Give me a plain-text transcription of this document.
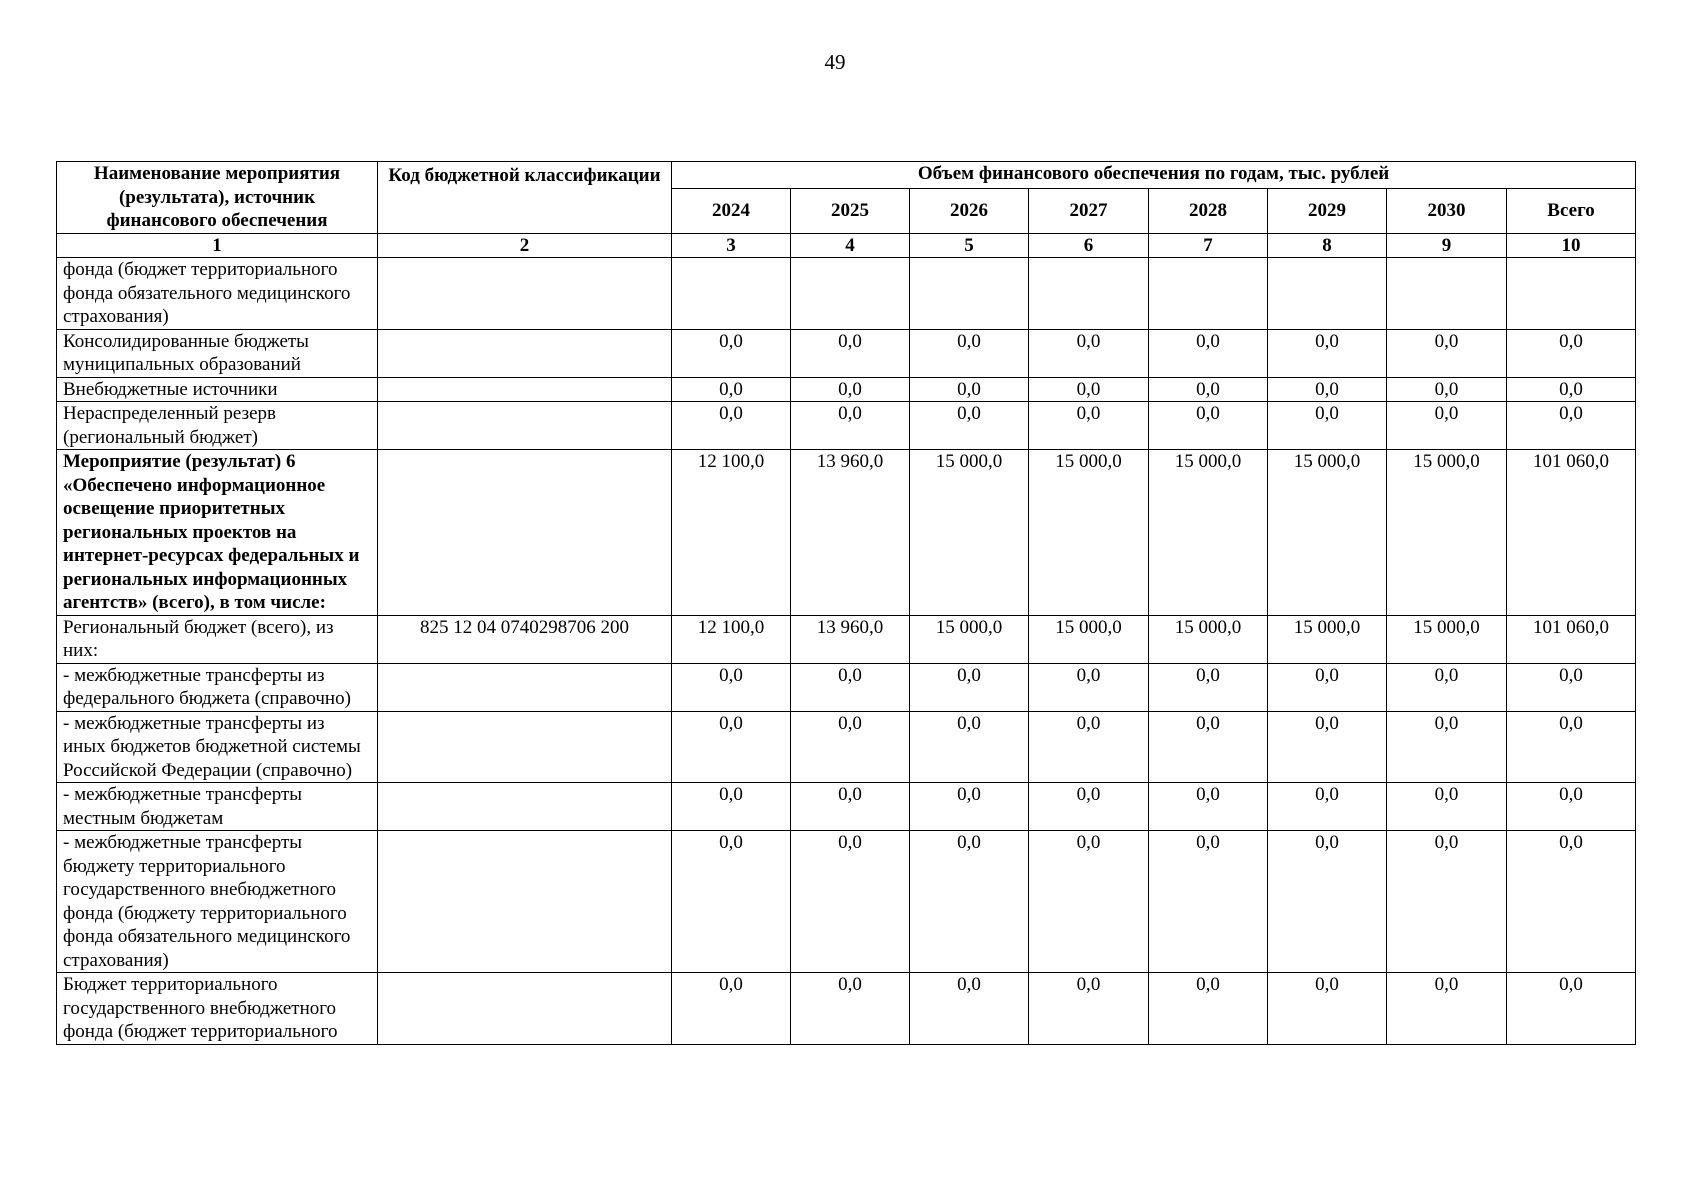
49
Наименование мероприятия (результата), источник финансового обеспечения	Код бюджетной классификации	Объем финансового обеспечения по годам, тыс. рублей							
		2024	2025	2026	2027	2028	2029	2030	Всего
1	2	3	4	5	6	7	8	9	10
фонда (бюджет территориального фонда обязательного медицинского страхования)									
Консолидированные бюджеты муниципальных образований		0,0	0,0	0,0	0,0	0,0	0,0	0,0	0,0
Внебюджетные источники		0,0	0,0	0,0	0,0	0,0	0,0	0,0	0,0
Нераспределенный резерв (региональный бюджет)		0,0	0,0	0,0	0,0	0,0	0,0	0,0	0,0
Мероприятие (результат) 6 «Обеспечено информационное освещение приоритетных региональных проектов на интернет-ресурсах федеральных и региональных информационных агентств» (всего), в том числе:		12 100,0	13 960,0	15 000,0	15 000,0	15 000,0	15 000,0	15 000,0	101 060,0
Региональный бюджет (всего), из них:	825 12 04 0740298706 200	12 100,0	13 960,0	15 000,0	15 000,0	15 000,0	15 000,0	15 000,0	101 060,0
- межбюджетные трансферты из федерального бюджета (справочно)		0,0	0,0	0,0	0,0	0,0	0,0	0,0	0,0
- межбюджетные трансферты из иных бюджетов бюджетной системы Российской Федерации (справочно)		0,0	0,0	0,0	0,0	0,0	0,0	0,0	0,0
- межбюджетные трансферты местным бюджетам		0,0	0,0	0,0	0,0	0,0	0,0	0,0	0,0
- межбюджетные трансферты бюджету территориального государственного внебюджетного фонда (бюджету территориального фонда обязательного медицинского страхования)		0,0	0,0	0,0	0,0	0,0	0,0	0,0	0,0
Бюджет территориального государственного внебюджетного фонда (бюджет территориального		0,0	0,0	0,0	0,0	0,0	0,0	0,0	0,0
